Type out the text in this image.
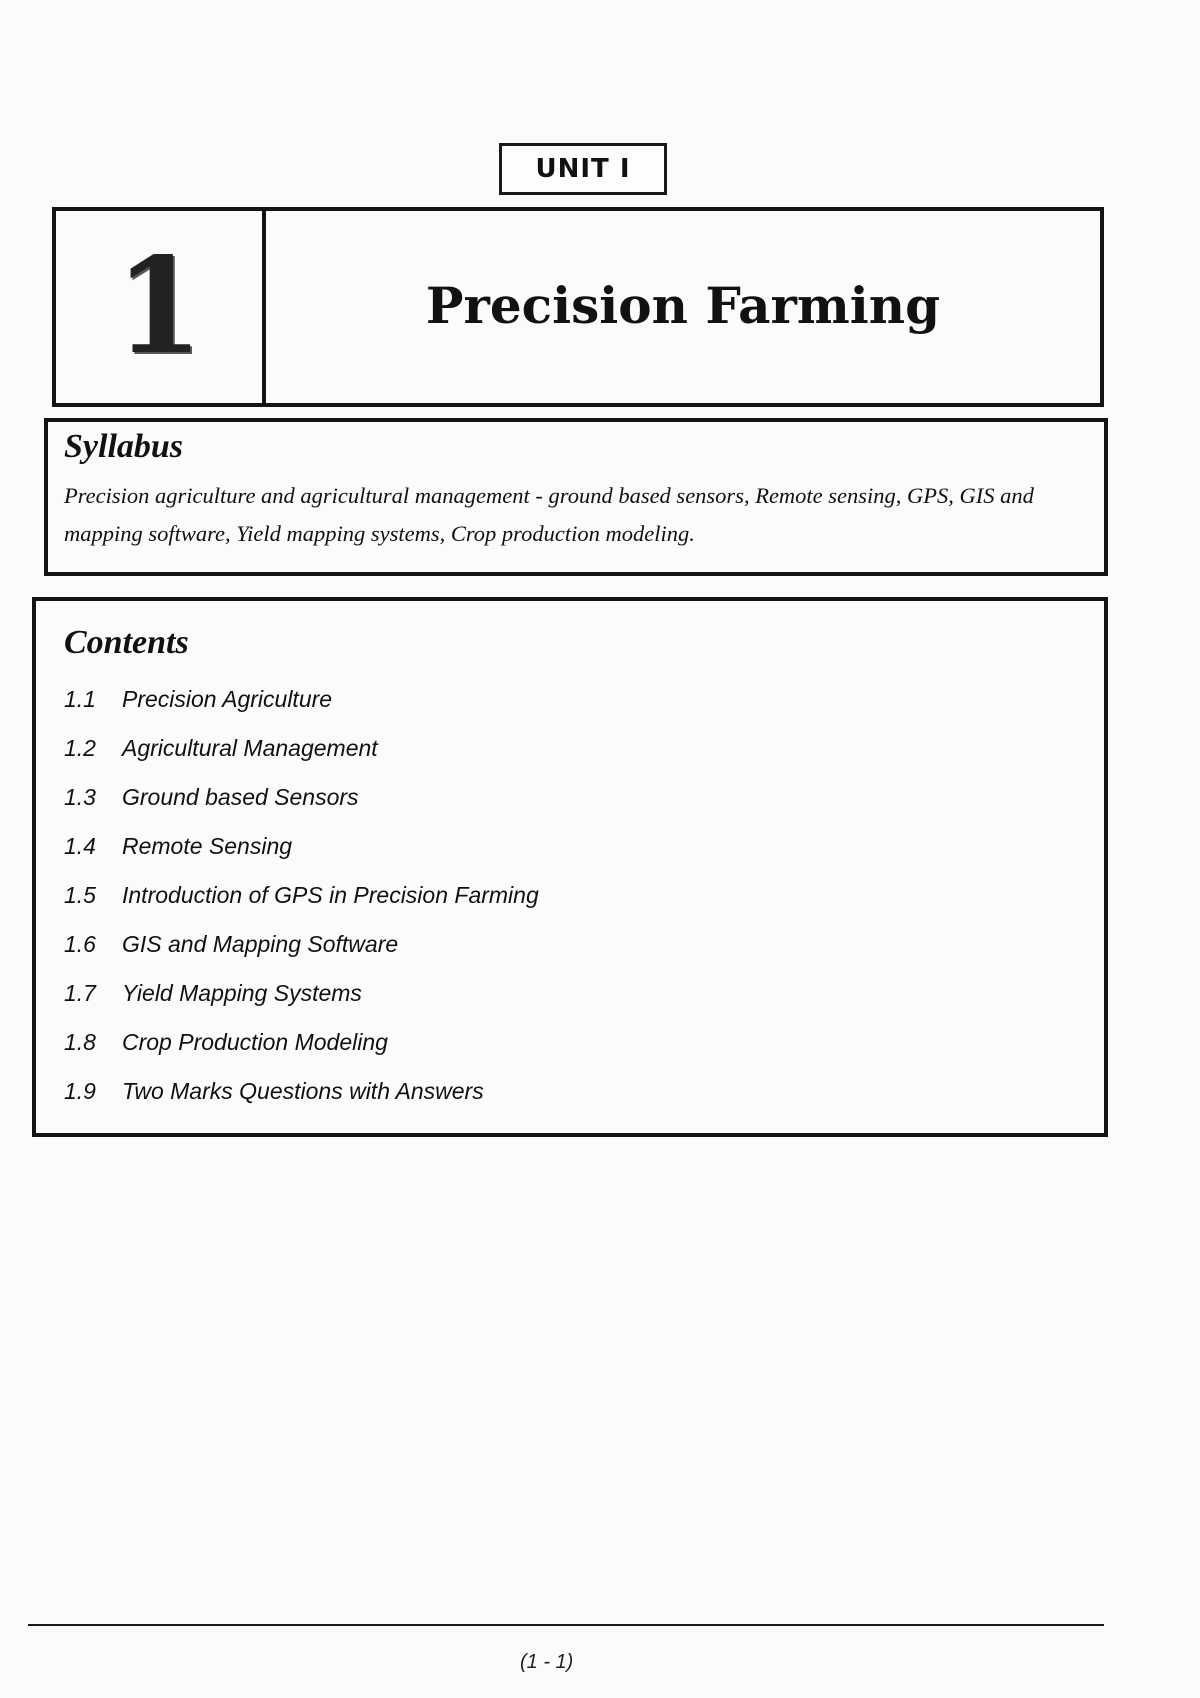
UNIT I
1	Precision Farming
Syllabus

Precision agriculture and agricultural management - ground based sensors, Remote sensing, GPS, GIS and mapping software, Yield mapping systems, Crop production modeling.

Contents
1.1	Precision Agriculture
1.2	Agricultural Management
1.3	Ground based Sensors
1.4	Remote Sensing
1.5	Introduction of GPS in Precision Farming
1.6	GIS and Mapping Software
1.7	Yield Mapping Systems
1.8	Crop Production Modeling
1.9	Two Marks Questions with Answers
(1 - 1)
